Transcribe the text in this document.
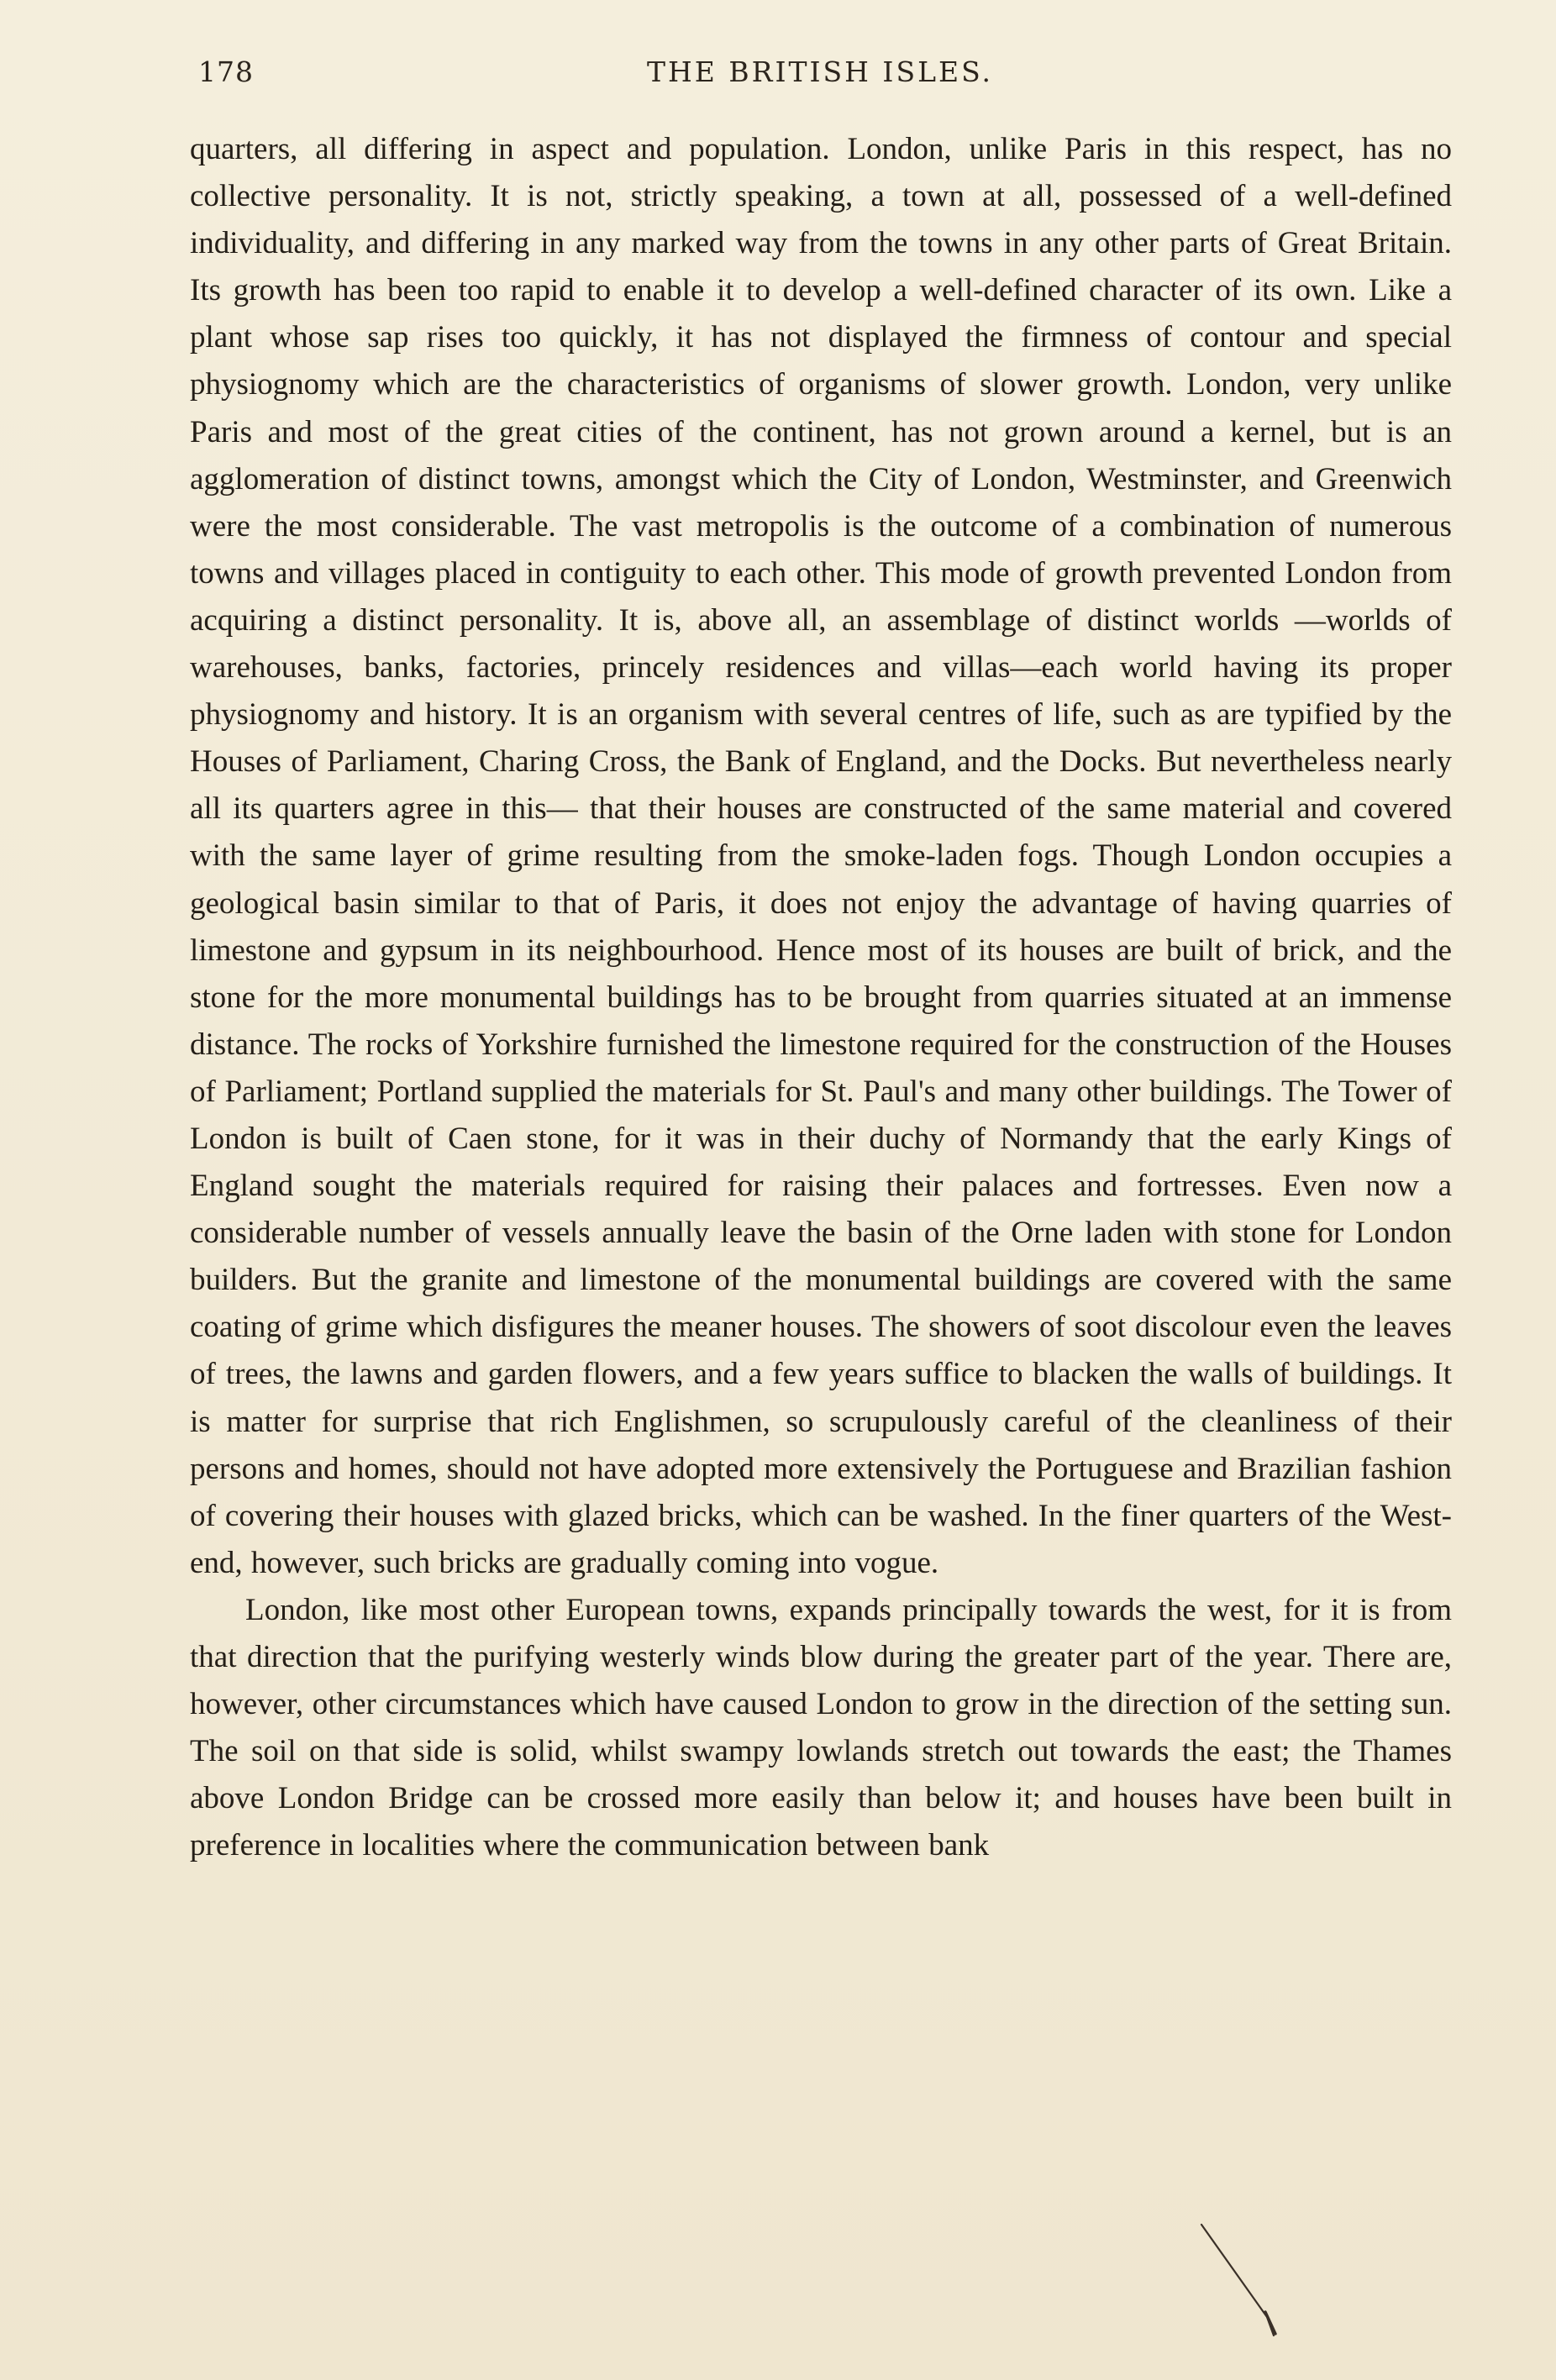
178	THE BRITISH ISLES.

quarters, all differing in aspect and population. London, unlike Paris in this respect, has no collective personality. It is not, strictly speaking, a town at all, possessed of a well-defined individuality, and differing in any marked way from the towns in any other parts of Great Britain. Its growth has been too rapid to enable it to develop a well-defined character of its own. Like a plant whose sap rises too quickly, it has not displayed the firmness of contour and special physiognomy which are the characteristics of organisms of slower growth. London, very unlike Paris and most of the great cities of the continent, has not grown around a kernel, but is an agglomeration of distinct towns, amongst which the City of London, Westminster, and Greenwich were the most considerable. The vast metropolis is the outcome of a combination of numerous towns and villages placed in contiguity to each other. This mode of growth prevented London from acquiring a distinct personality. It is, above all, an assemblage of distinct worlds —worlds of warehouses, banks, factories, princely residences and villas—each world having its proper physiognomy and history. It is an organism with several centres of life, such as are typified by the Houses of Parliament, Charing Cross, the Bank of England, and the Docks. But nevertheless nearly all its quarters agree in this— that their houses are constructed of the same material and covered with the same layer of grime resulting from the smoke-laden fogs. Though London occupies a geological basin similar to that of Paris, it does not enjoy the advantage of having quarries of limestone and gypsum in its neighbourhood. Hence most of its houses are built of brick, and the stone for the more monumental buildings has to be brought from quarries situated at an immense distance. The rocks of Yorkshire furnished the limestone required for the construction of the Houses of Parliament; Portland supplied the materials for St. Paul's and many other buildings. The Tower of London is built of Caen stone, for it was in their duchy of Normandy that the early Kings of England sought the materials required for raising their palaces and fortresses. Even now a considerable number of vessels annually leave the basin of the Orne laden with stone for London builders. But the granite and limestone of the monumental buildings are covered with the same coating of grime which disfigures the meaner houses. The showers of soot discolour even the leaves of trees, the lawns and garden flowers, and a few years suffice to blacken the walls of buildings. It is matter for surprise that rich Englishmen, so scrupulously careful of the cleanliness of their persons and homes, should not have adopted more extensively the Portuguese and Brazilian fashion of covering their houses with glazed bricks, which can be washed. In the finer quarters of the West-end, however, such bricks are gradually coming into vogue.

London, like most other European towns, expands principally towards the west, for it is from that direction that the purifying westerly winds blow during the greater part of the year. There are, however, other circumstances which have caused London to grow in the direction of the setting sun. The soil on that side is solid, whilst swampy lowlands stretch out towards the east; the Thames above London Bridge can be crossed more easily than below it; and houses have been built in preference in localities where the communication between bank
